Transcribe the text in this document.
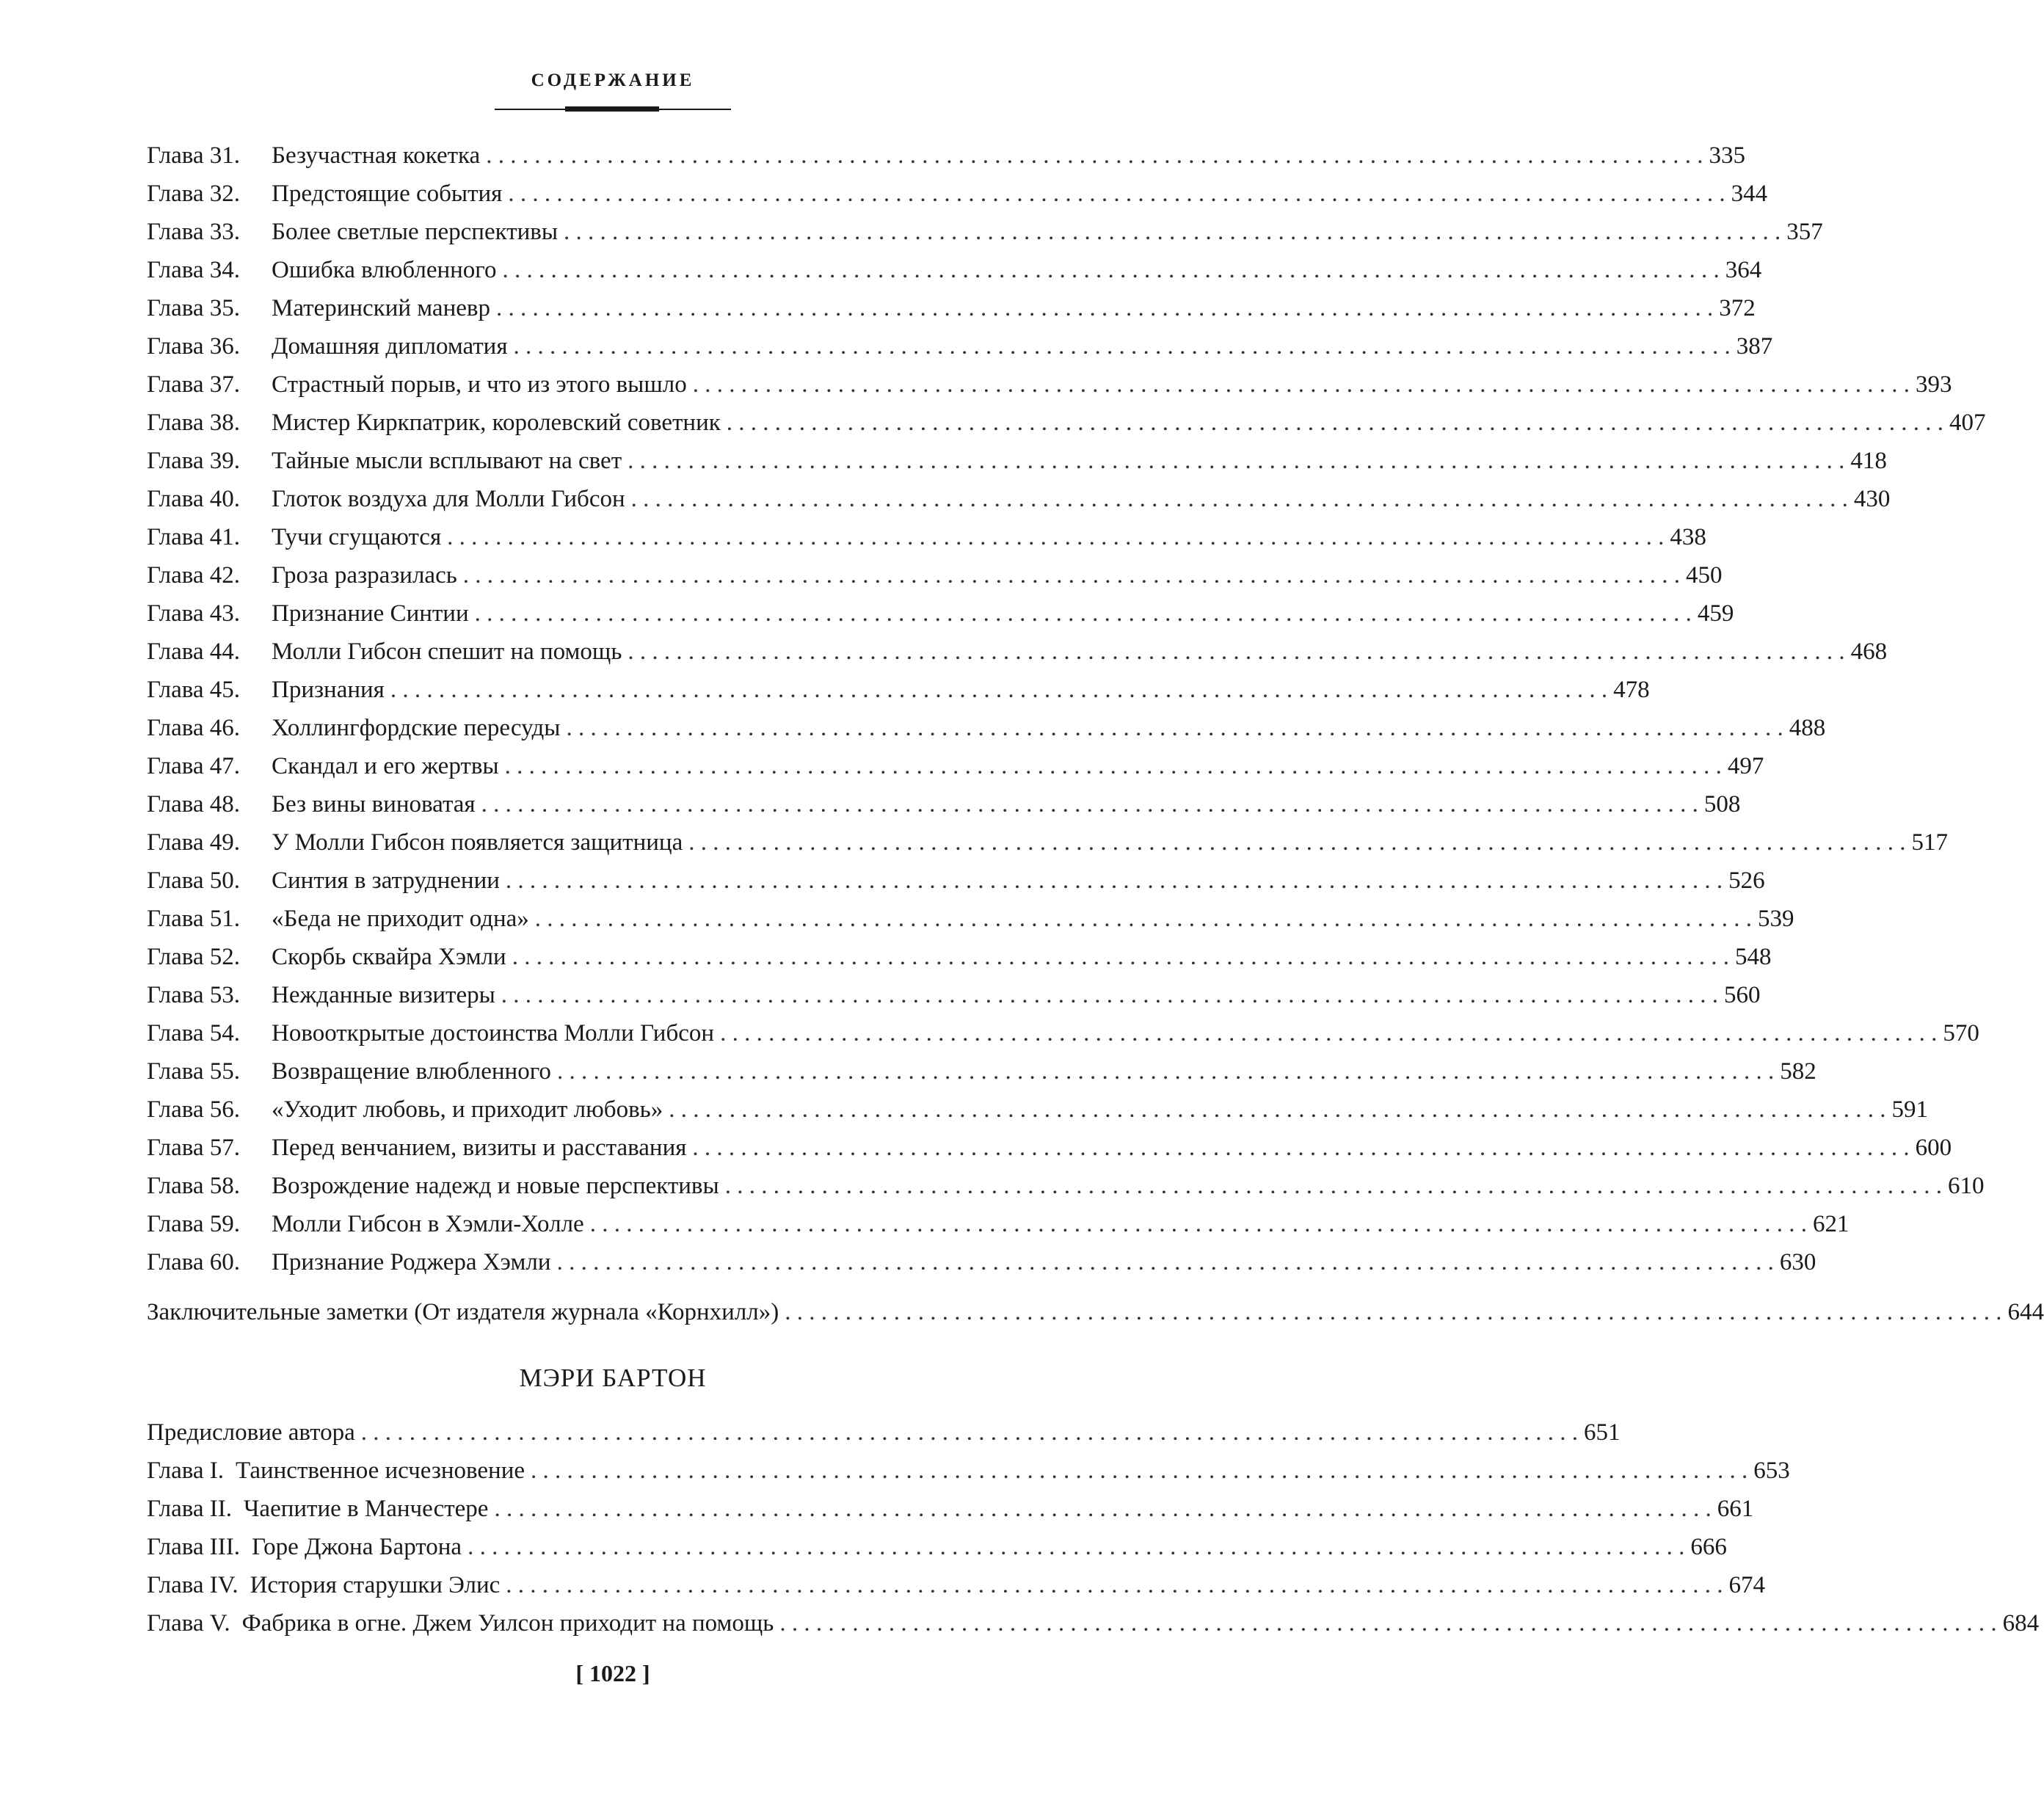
СОДЕРЖАНИЕ
Глава 31.	Безучастная кокетка . . .	335
Глава 32.	Предстоящие события . . .	344
Глава 33.	Более светлые перспективы . . .	357
Глава 34.	Ошибка влюбленного . . .	364
Глава 35.	Материнский маневр . . .	372
Глава 36.	Домашняя дипломатия . . .	387
Глава 37.	Страстный порыв, и что из этого вышло . . .	393
Глава 38.	Мистер Киркпатрик, королевский советник . . .	407
Глава 39.	Тайные мысли всплывают на свет . . .	418
Глава 40.	Глоток воздуха для Молли Гибсон . . .	430
Глава 41.	Тучи сгущаются . . .	438
Глава 42.	Гроза разразилась . . .	450
Глава 43.	Признание Синтии . . .	459
Глава 44.	Молли Гибсон спешит на помощь . . .	468
Глава 45.	Признания . . .	478
Глава 46.	Холлингфордские пересуды . . .	488
Глава 47.	Скандал и его жертвы . . .	497
Глава 48.	Без вины виноватая . . .	508
Глава 49.	У Молли Гибсон появляется защитница . . .	517
Глава 50.	Синтия в затруднении . . .	526
Глава 51.	«Беда не приходит одна» . . .	539
Глава 52.	Скорбь сквайра Хэмли . . .	548
Глава 53.	Нежданные визитеры . . .	560
Глава 54.	Новооткрытые достоинства Молли Гибсон . . .	570
Глава 55.	Возвращение влюбленного . . .	582
Глава 56.	«Уходит любовь, и приходит любовь» . . .	591
Глава 57.	Перед венчанием, визиты и расставания . . .	600
Глава 58.	Возрождение надежд и новые перспективы . . .	610
Глава 59.	Молли Гибсон в Хэмли-Холле . . .	621
Глава 60.	Признание Роджера Хэмли . . .	630
Заключительные заметки (От издателя журнала «Корнхилл») . . .	644
МЭРИ БАРТОН
Предисловие автора . . .	651
Глава I. Таинственное исчезновение . . .	653
Глава II. Чаепитие в Манчестере . . .	661
Глава III. Горе Джона Бартона . . .	666
Глава IV. История старушки Элис . . .	674
Глава V. Фабрика в огне. Джем Уилсон приходит на помощь . . .	684
[ 1022 ]
